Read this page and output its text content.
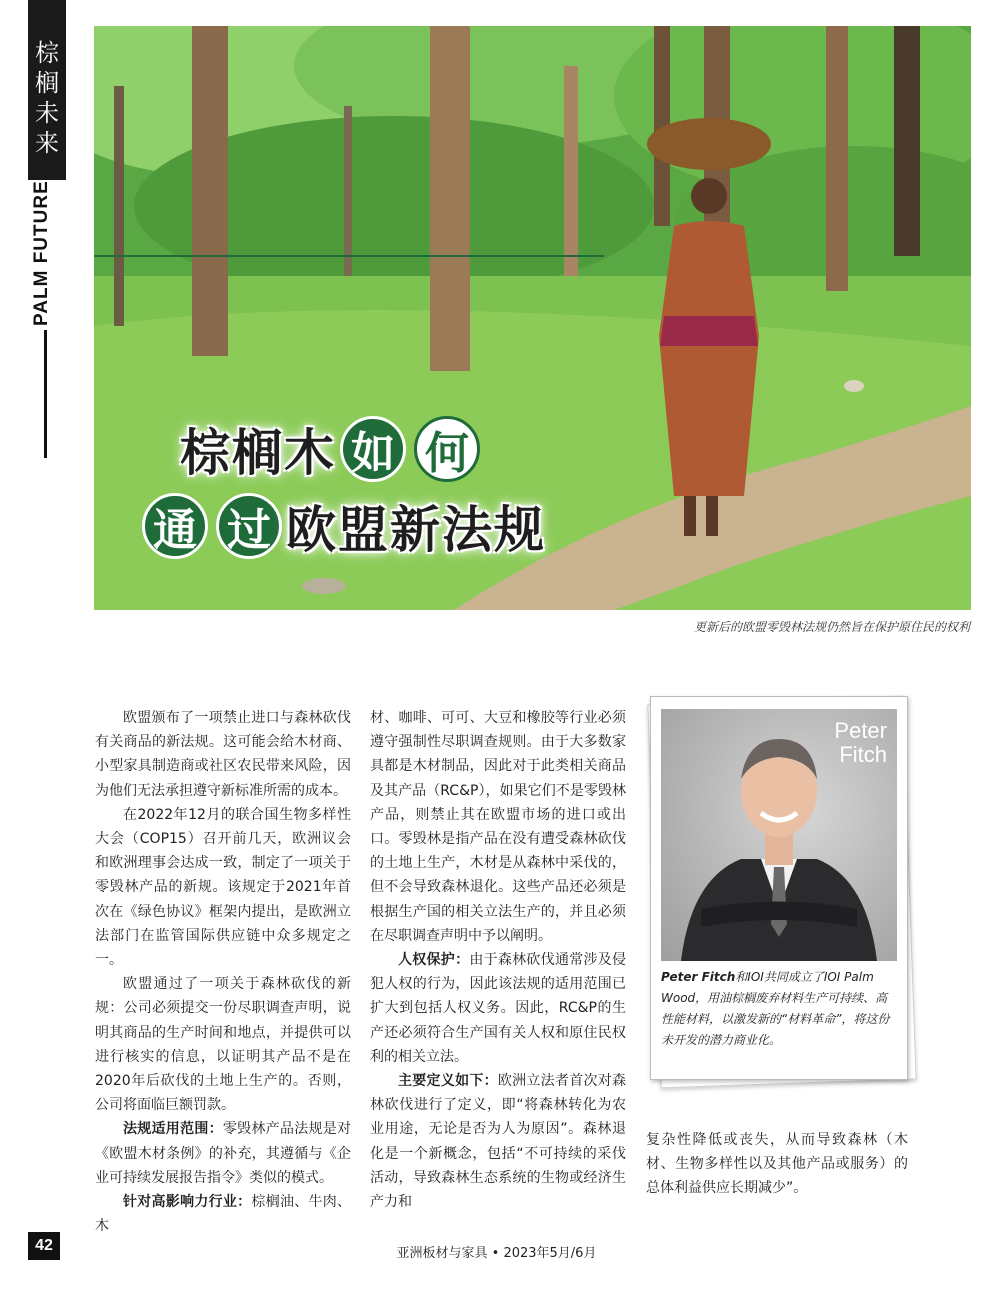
棕
榈
未
来
PALM FUTURE
棕榈木 如 何
通 过 欧盟新法规
更新后的欧盟零毁林法规仍然旨在保护原住民的权利

欧盟颁布了一项禁止进口与森林砍伐有关商品的新法规。这可能会给木材商、小型家具制造商或社区农民带来风险，因为他们无法承担遵守新标准所需的成本。

在2022年12月的联合国生物多样性大会（COP15）召开前几天，欧洲议会和欧洲理事会达成一致，制定了一项关于零毁林产品的新规。该规定于2021年首次在《绿色协议》框架内提出，是欧洲立法部门在监管国际供应链中众多规定之一。

欧盟通过了一项关于森林砍伐的新规：公司必须提交一份尽职调查声明，说明其商品的生产时间和地点，并提供可以进行核实的信息，以证明其产品不是在2020年后砍伐的土地上生产的。否则，公司将面临巨额罚款。

法规适用范围：零毁林产品法规是对《欧盟木材条例》的补充，其遵循与《企业可持续发展报告指令》类似的模式。

针对高影响力行业：棕榈油、牛肉、木

材、咖啡、可可、大豆和橡胶等行业必须遵守强制性尽职调查规则。由于大多数家具都是木材制品，因此对于此类相关商品及其产品（RC&P），如果它们不是零毁林产品，则禁止其在欧盟市场的进口或出口。零毁林是指产品在没有遭受森林砍伐的土地上生产，木材是从森林中采伐的，但不会导致森林退化。这些产品还必须是根据生产国的相关立法生产的，并且必须在尽职调查声明中予以阐明。

人权保护：由于森林砍伐通常涉及侵犯人权的行为，因此该法规的适用范围已扩大到包括人权义务。因此，RC&P的生产还必须符合生产国有关人权和原住民权利的相关立法。

主要定义如下：欧洲立法者首次对森林砍伐进行了定义，即“将森林转化为农业用途，无论是否为人为原因”。森林退化是一个新概念，包括“不可持续的采伐活动，导致森林生态系统的生物或经济生产力和

Peter
Fitch
Peter Fitch和IOI共同成立了IOI Palm Wood，用油棕榈废弃材料生产可持续、高性能材料，以激发新的“材料革命”，将这份未开发的潜力商业化。

复杂性降低或丧失，从而导致森林（木材、生物多样性以及其他产品或服务）的总体利益供应长期减少”。

42	亚洲板材与家具 • 2023年5月/6月
